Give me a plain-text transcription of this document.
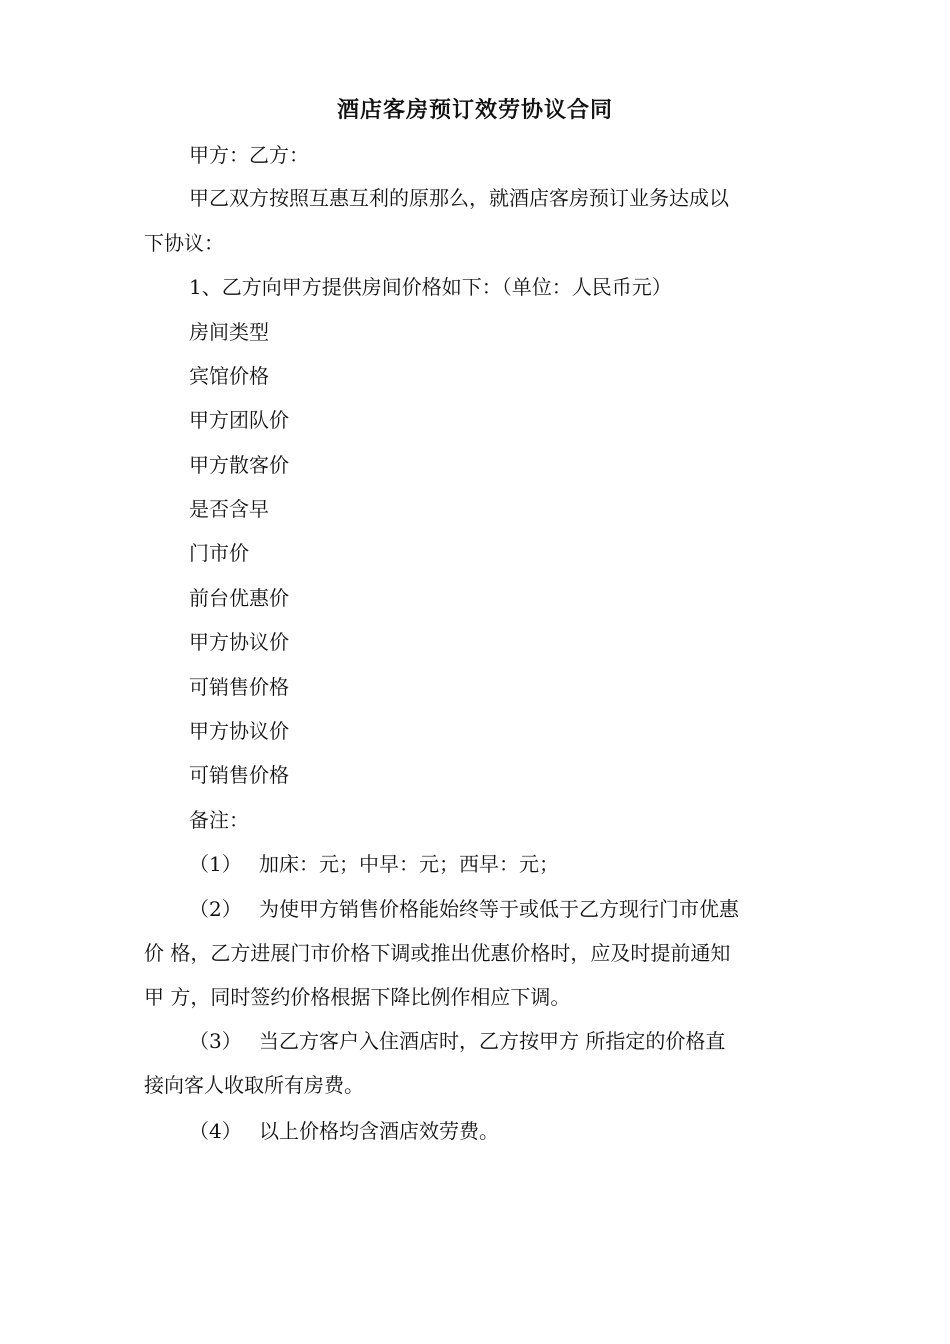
酒店客房预订效劳协议合同
甲方：乙方：
甲乙双方按照互惠互利的原那么，就酒店客房预订业务达成以
下协议：
1、乙方向甲方提供房间价格如下：（单位：人民币元）
房间类型
宾馆价格
甲方团队价
甲方散客价
是否含早
门市价
前台优惠价
甲方协议价
可销售价格
甲方协议价
可销售价格
备注：
（1） 加床：元；中早：元；西早：元；
（2） 为使甲方销售价格能始终等于或低于乙方现行门市优惠
价 格，乙方进展门市价格下调或推出优惠价格时，应及时提前通知
甲 方，同时签约价格根据下降比例作相应下调。
（3） 当乙方客户入住酒店时，乙方按甲方 所指定的价格直
接向客人收取所有房费。
（4） 以上价格均含酒店效劳费。
